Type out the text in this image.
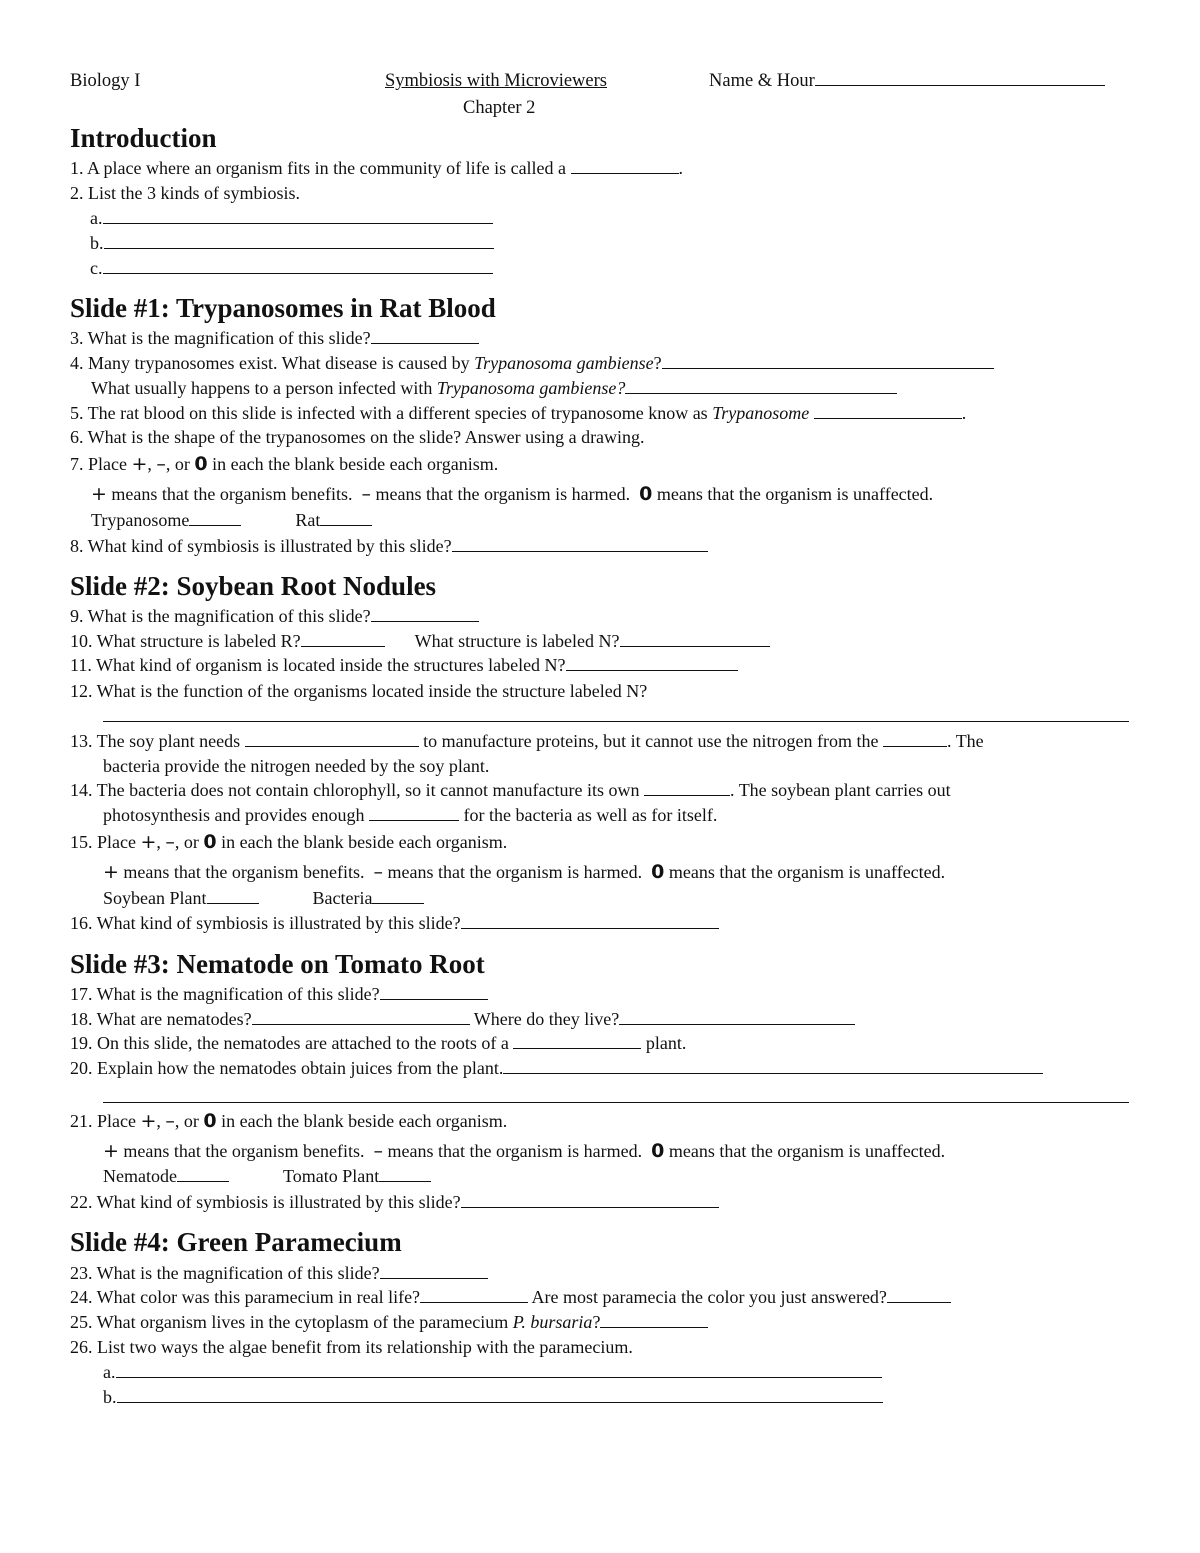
Biology I	Symbiosis with Microviewers	Name & Hour
Chapter 2
Introduction
1. A place where an organism fits in the community of life is called a	.
2. List the 3 kinds of symbiosis.
a.
b.
c.
Slide #1: Trypanosomes in Rat Blood
3. What is the magnification of this slide?
4. Many trypanosomes exist. What disease is caused by Trypanosoma gambiense?
What usually happens to a person infected with Trypanosoma gambiense?
5. The rat blood on this slide is infected with a different species of trypanosome know as Trypanosome	.
6. What is the shape of the trypanosomes on the slide? Answer using a drawing.
7. Place +, –, or 0 in each the blank beside each organism.
+ means that the organism benefits. – means that the organism is harmed. 0 means that the organism is unaffected.
Trypanosome	Rat
8. What kind of symbiosis is illustrated by this slide?
Slide #2: Soybean Root Nodules
9. What is the magnification of this slide?
10. What structure is labeled R?	What structure is labeled N?
11. What kind of organism is located inside the structures labeled N?
12. What is the function of the organisms located inside the structure labeled N?
13. The soy plant needs	to manufacture proteins, but it cannot use the nitrogen from the	. The
bacteria provide the nitrogen needed by the soy plant.
14. The bacteria does not contain chlorophyll, so it cannot manufacture its own	. The soybean plant carries out
photosynthesis and provides enough	for the bacteria as well as for itself.
15. Place +, –, or 0 in each the blank beside each organism.
+ means that the organism benefits. – means that the organism is harmed. 0 means that the organism is unaffected.
Soybean Plant	Bacteria
16. What kind of symbiosis is illustrated by this slide?
Slide #3: Nematode on Tomato Root
17. What is the magnification of this slide?
18. What are nematodes?	Where do they live?
19. On this slide, the nematodes are attached to the roots of a	plant.
20. Explain how the nematodes obtain juices from the plant.
21. Place +, –, or 0 in each the blank beside each organism.
+ means that the organism benefits. – means that the organism is harmed. 0 means that the organism is unaffected.
Nematode	Tomato Plant
22. What kind of symbiosis is illustrated by this slide?
Slide #4: Green Paramecium
23. What is the magnification of this slide?
24. What color was this paramecium in real life?	Are most paramecia the color you just answered?
25. What organism lives in the cytoplasm of the paramecium P. bursaria?
26. List two ways the algae benefit from its relationship with the paramecium.
a.
b.
